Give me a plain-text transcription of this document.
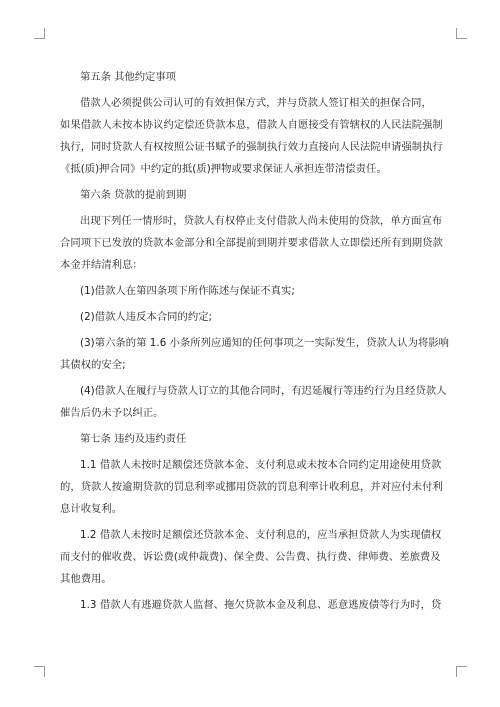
第五条 其他约定事项
借款人必须提供公司认可的有效担保方式，并与贷款人签订相关的担保合同，
如果借款人未按本协议约定偿还贷款本息，借款人自愿接受有管辖权的人民法院强制
执行，同时贷款人有权按照公证书赋予的强制执行效力直接向人民法院申请强制执行
《抵(质)押合同》中约定的抵(质)押物或要求保证人承担连带清偿责任。
第六条 贷款的提前到期
出现下列任一情形时，贷款人有权停止支付借款人尚未使用的贷款，单方面宣布
合同项下已发放的贷款本金部分和全部提前到期并要求借款人立即偿还所有到期贷款
本金并结清利息：
(1)借款人在第四条项下所作陈述与保证不真实;
(2)借款人违反本合同的约定;
(3)第六条的第 1.6 小条所列应通知的任何事项之一实际发生，贷款人认为将影响
其债权的安全;
(4)借款人在履行与贷款人订立的其他合同时，有迟延履行等违约行为且经贷款人
催告后仍未予以纠正。
第七条 违约及违约责任
1.1 借款人未按时足额偿还贷款本金、支付利息或未按本合同约定用途使用贷款
的，贷款人按逾期贷款的罚息利率或挪用贷款的罚息利率计收利息，并对应付未付利
息计收复利。
1.2 借款人未按时足额偿还贷款本金、支付利息的，应当承担贷款人为实现债权
而支付的催收费、诉讼费(或仲裁费)、保全费、公告费、执行费、律师费、差旅费及
其他费用。
1.3 借款人有逃避贷款人监督、拖欠贷款本金及利息、恶意逃废债等行为时，贷
